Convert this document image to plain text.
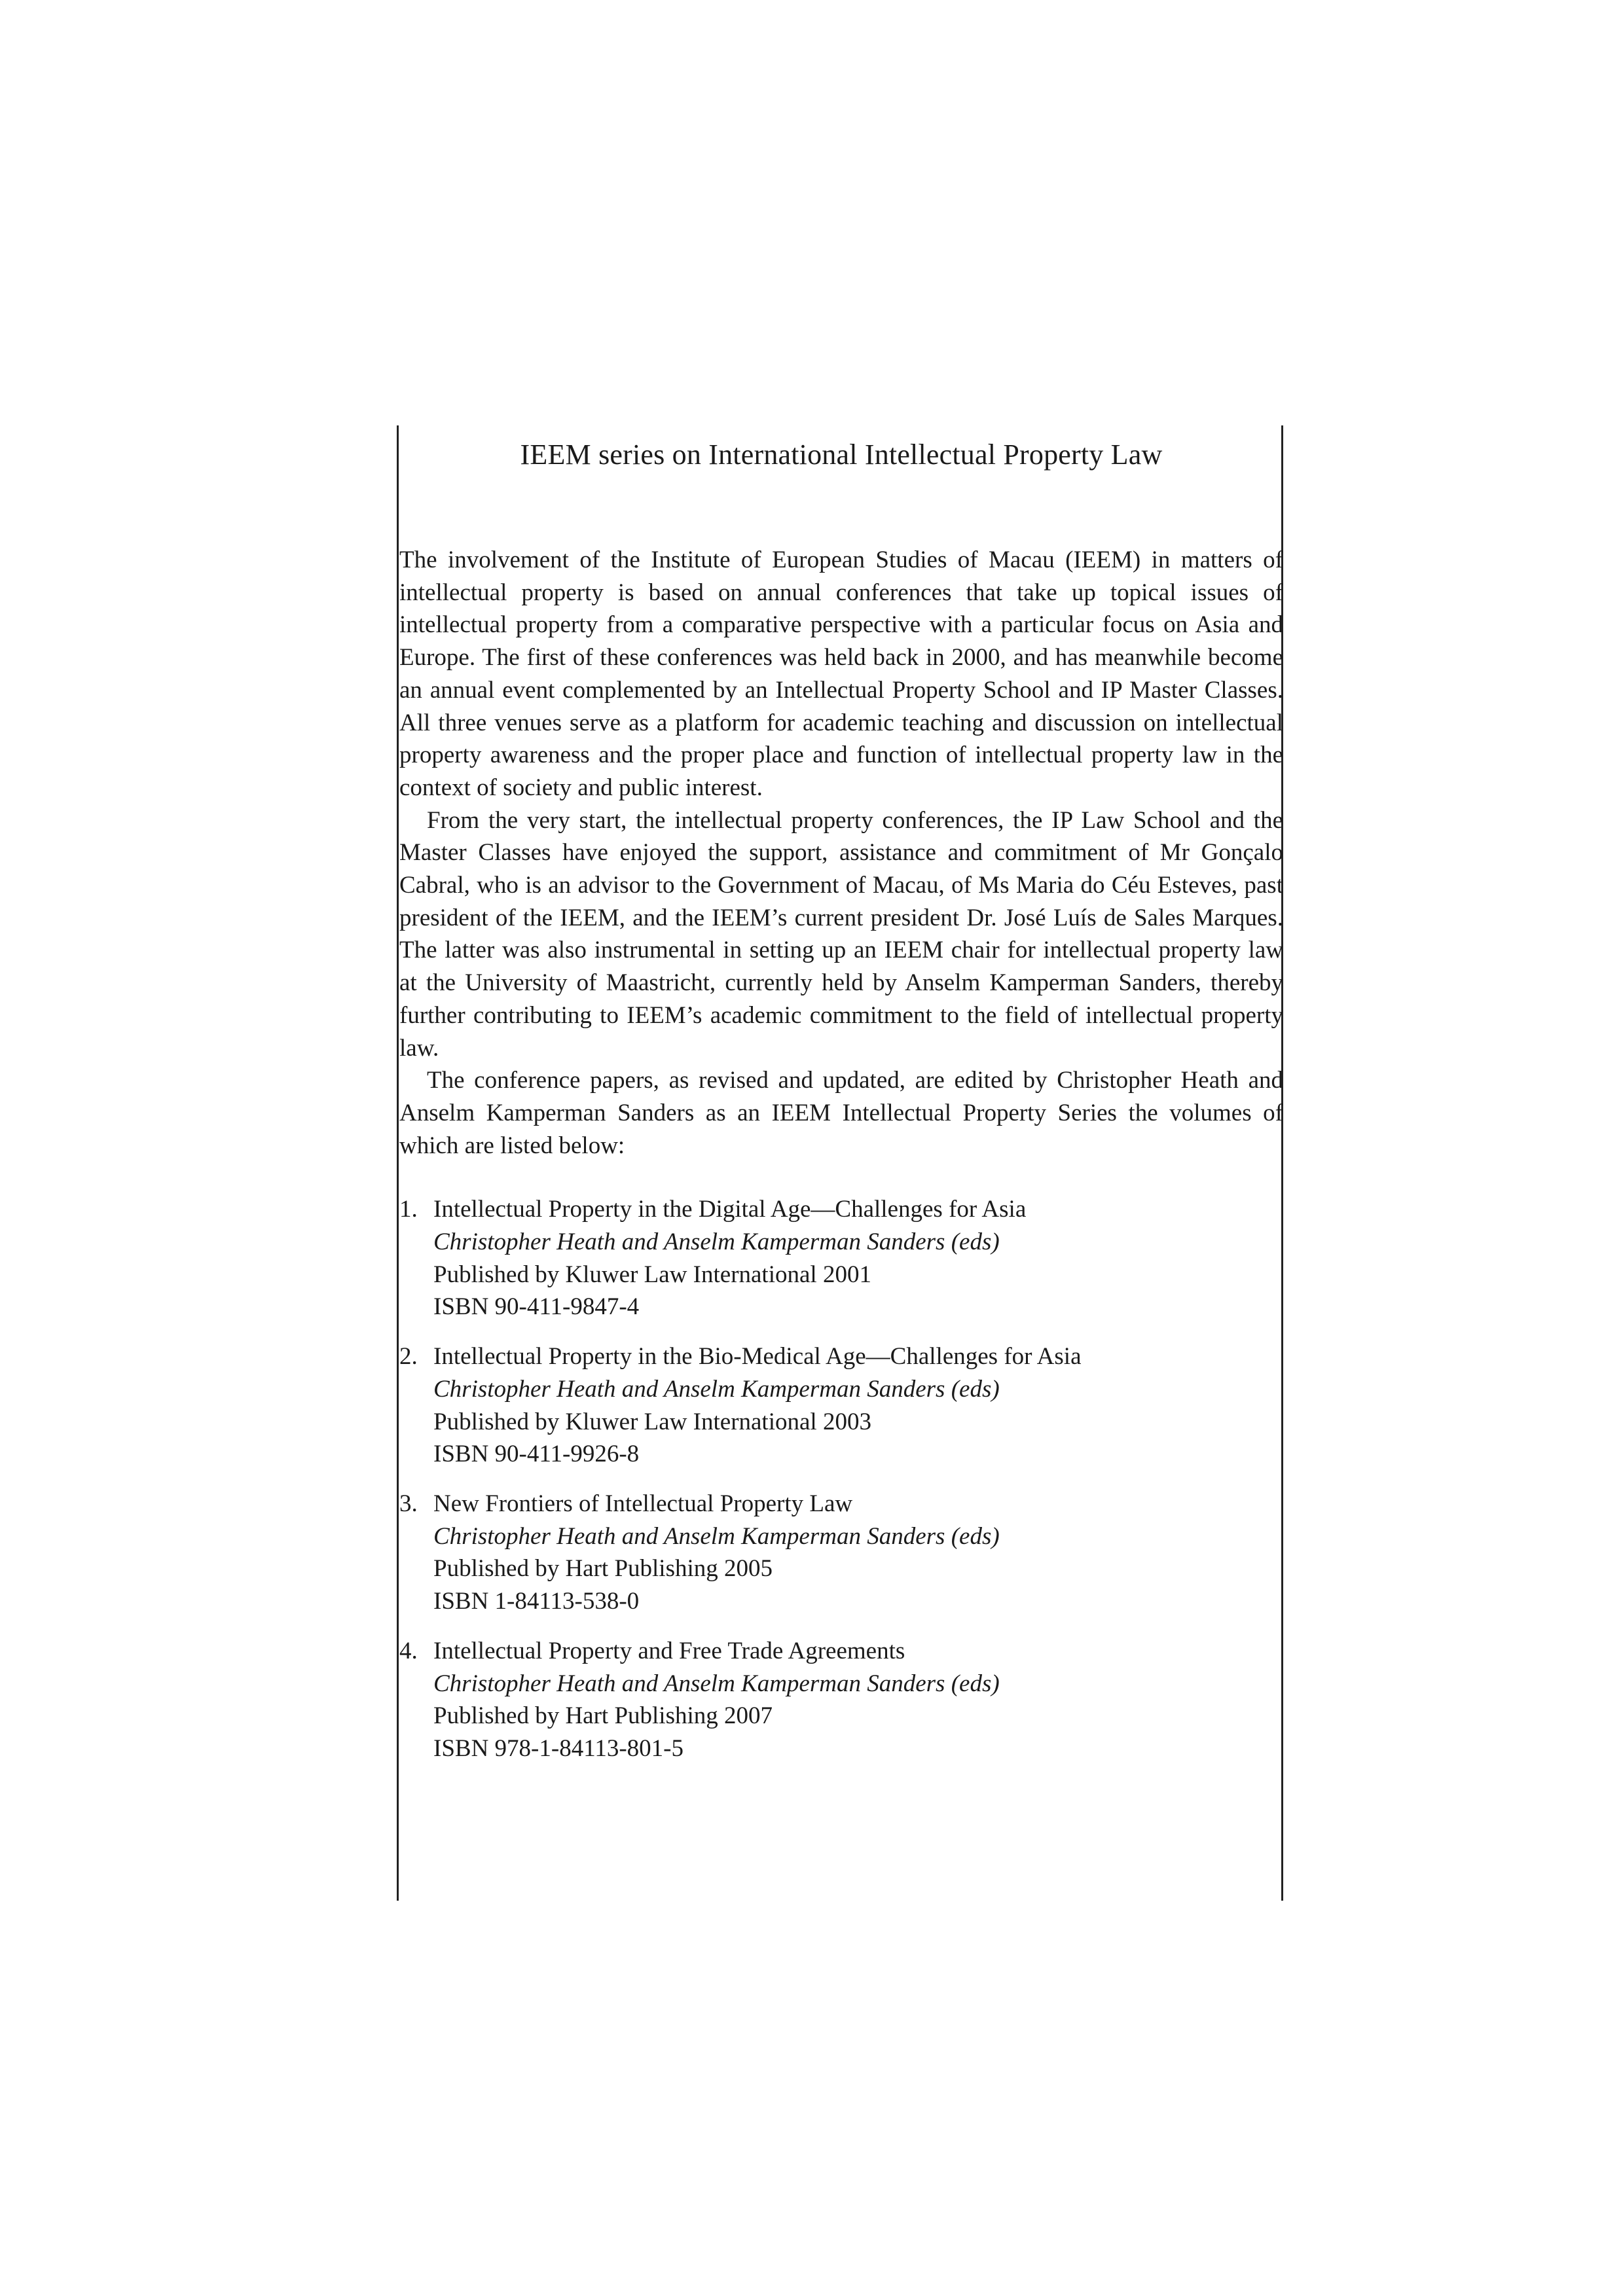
IEEM series on International Intellectual Property Law

The involvement of the Institute of European Studies of Macau (IEEM) in matters of intellectual property is based on annual conferences that take up topical issues of intellectual property from a comparative perspective with a particular focus on Asia and Europe. The first of these conferences was held back in 2000, and has meanwhile become an annual event complemented by an Intellectual Property School and IP Master Classes. All three venues serve as a platform for academic teaching and discussion on intellectual property awareness and the proper place and function of intellectual property law in the context of society and public interest.

From the very start, the intellectual property conferences, the IP Law School and the Master Classes have enjoyed the support, assistance and commitment of Mr Gonçalo Cabral, who is an advisor to the Government of Macau, of Ms Maria do Céu Esteves, past president of the IEEM, and the IEEM’s current president Dr. José Luís de Sales Marques. The latter was also instrumental in setting up an IEEM chair for intellectual property law at the University of Maastricht, currently held by Anselm Kamperman Sanders, thereby further contributing to IEEM’s academic commitment to the field of intellectual property law.

The conference papers, as revised and updated, are edited by Christopher Heath and Anselm Kamperman Sanders as an IEEM Intellectual Property Series the volumes of which are listed below:

1. Intellectual Property in the Digital Age—Challenges for Asia
Christopher Heath and Anselm Kamperman Sanders (eds)
Published by Kluwer Law International 2001
ISBN 90-411-9847-4
2. Intellectual Property in the Bio-Medical Age—Challenges for Asia
Christopher Heath and Anselm Kamperman Sanders (eds)
Published by Kluwer Law International 2003
ISBN 90-411-9926-8
3. New Frontiers of Intellectual Property Law
Christopher Heath and Anselm Kamperman Sanders (eds)
Published by Hart Publishing 2005
ISBN 1-84113-538-0
4. Intellectual Property and Free Trade Agreements
Christopher Heath and Anselm Kamperman Sanders (eds)
Published by Hart Publishing 2007
ISBN 978-1-84113-801-5
